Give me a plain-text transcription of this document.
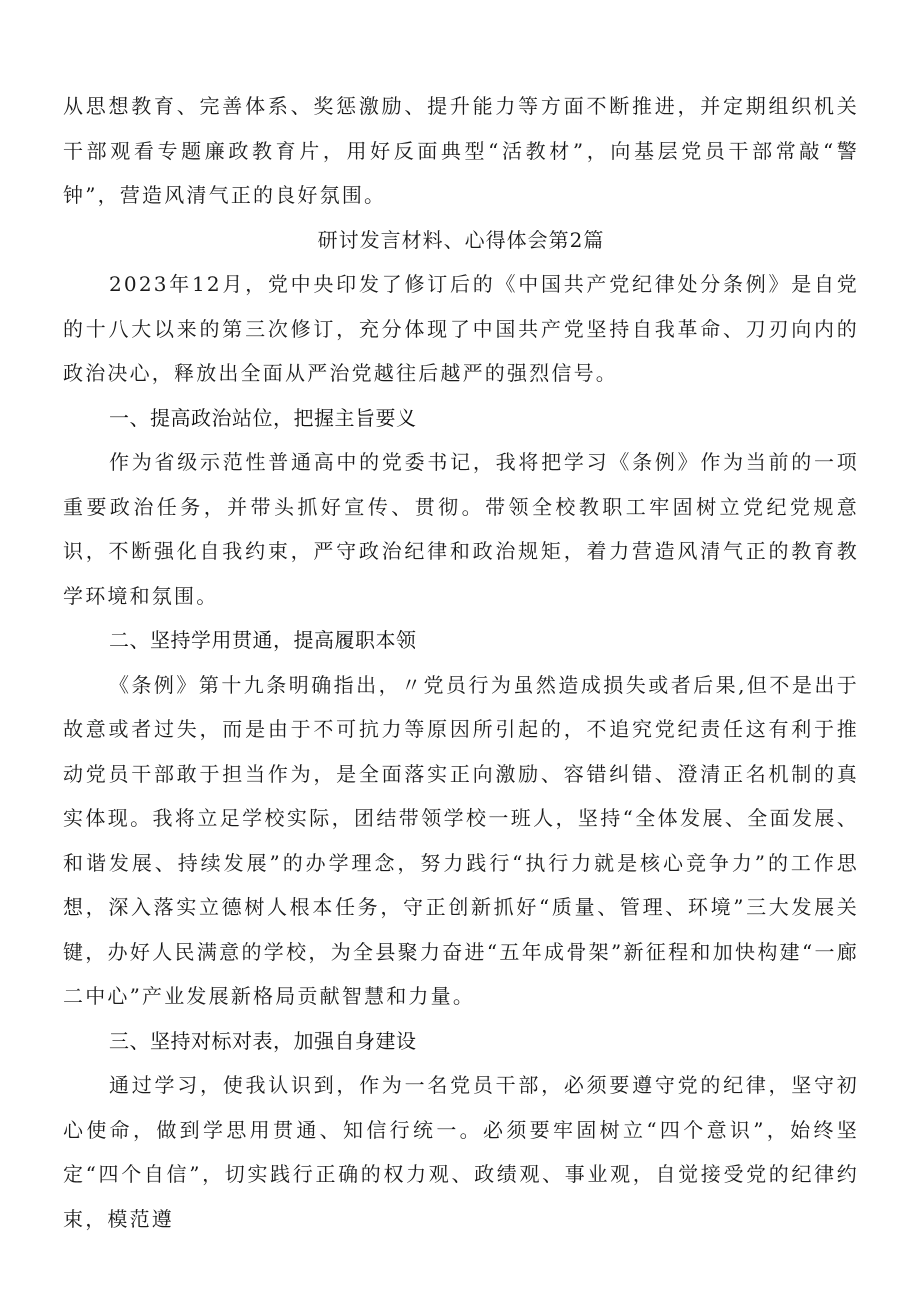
从思想教育、完善体系、奖惩激励、提升能力等方面不断推进，并定期组织机关干部观看专题廉政教育片，用好反面典型“活教材”，向基层党员干部常敲“警钟”，营造风清气正的良好氛围。

研讨发言材料、心得体会第2篇

2023年12月，党中央印发了修订后的《中国共产党纪律处分条例》是自党的十八大以来的第三次修订，充分体现了中国共产党坚持自我革命、刀刃向内的政治决心，释放出全面从严治党越往后越严的强烈信号。

一、提高政治站位，把握主旨要义

作为省级示范性普通高中的党委书记，我将把学习《条例》作为当前的一项重要政治任务，并带头抓好宣传、贯彻。带领全校教职工牢固树立党纪党规意识，不断强化自我约束，严守政治纪律和政治规矩，着力营造风清气正的教育教学环境和氛围。

二、坚持学用贯通，提高履职本领

《条例》第十九条明确指出，〃党员行为虽然造成损失或者后果,但不是出于故意或者过失，而是由于不可抗力等原因所引起的，不追究党纪责任这有利于推动党员干部敢于担当作为，是全面落实正向激励、容错纠错、澄清正名机制的真实体现。我将立足学校实际，团结带领学校一班人，坚持“全体发展、全面发展、和谐发展、持续发展”的办学理念，努力践行“执行力就是核心竞争力”的工作思想，深入落实立德树人根本任务，守正创新抓好“质量、管理、环境”三大发展关键，办好人民满意的学校，为全县聚力奋进“五年成骨架”新征程和加快构建“一廊二中心”产业发展新格局贡献智慧和力量。

三、坚持对标对表，加强自身建设

通过学习，使我认识到，作为一名党员干部，必须要遵守党的纪律，坚守初心使命，做到学思用贯通、知信行统一。必须要牢固树立“四个意识”，始终坚定“四个自信”，切实践行正确的权力观、政绩观、事业观，自觉接受党的纪律约束，模范遵
